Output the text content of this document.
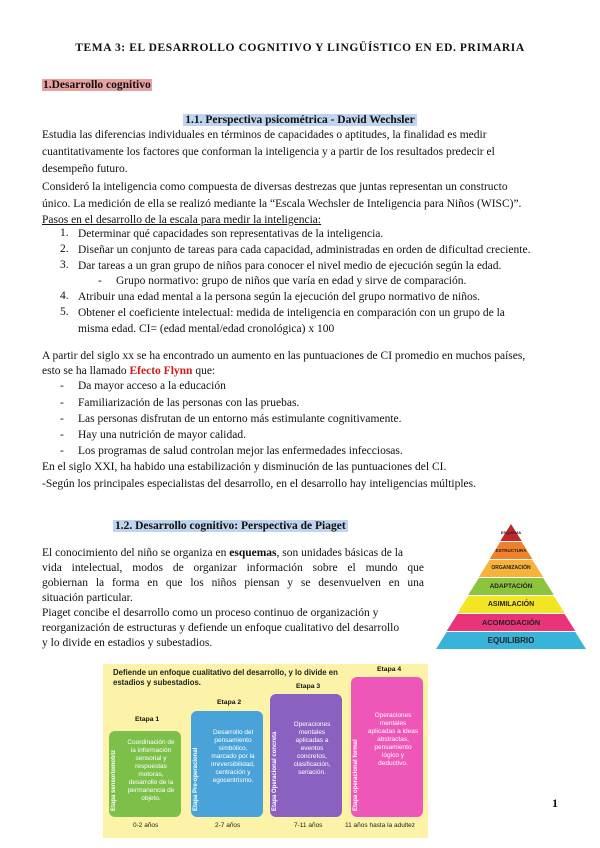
TEMA 3: EL DESARROLLO COGNITIVO Y LINGÜÍSTICO EN ED. PRIMARIA
1.Desarrollo cognitivo
1.1. Perspectiva psicométrica - David Wechsler
Estudia las diferencias individuales en términos de capacidades o aptitudes, la finalidad es medir
cuantitativamente los factores que conforman la inteligencia y a partir de los resultados predecir el
desempeño futuro.
Consideró la inteligencia como compuesta de diversas destrezas que juntas representan un constructo
único. La medición de ella se realizó mediante la “Escala Wechsler de Inteligencia para Niños (WISC)”.
Pasos en el desarrollo de la escala para medir la inteligencia:
1. Determinar qué capacidades son representativas de la inteligencia.
2. Diseñar un conjunto de tareas para cada capacidad, administradas en orden de dificultad creciente.
3. Dar tareas a un gran grupo de niños para conocer el nivel medio de ejecución según la edad.
- Grupo normativo: grupo de niños que varía en edad y sirve de comparación.
4. Atribuir una edad mental a la persona según la ejecución del grupo normativo de niños.
5. Obtener el coeficiente intelectual: medida de inteligencia en comparación con un grupo de la
misma edad. CI= (edad mental/edad cronológica) x 100
A partir del siglo xx se ha encontrado un aumento en las puntuaciones de CI promedio en muchos países,
esto se ha llamado Efecto Flynn que:
- Da mayor acceso a la educación
- Familiarización de las personas con las pruebas.
- Las personas disfrutan de un entorno más estimulante cognitivamente.
- Hay una nutrición de mayor calidad.
- Los programas de salud controlan mejor las enfermedades infecciosas.
En el siglo XXI, ha habido una estabilización y disminución de las puntuaciones del CI.
-Según los principales especialistas del desarrollo, en el desarrollo hay inteligencias múltiples.
1.2. Desarrollo cognitivo: Perspectiva de Piaget
El conocimiento del niño se organiza en esquemas, son unidades básicas de la
vida intelectual, modos de organizar información sobre el mundo que
gobiernan la forma en que los niños piensan y se desenvuelven en una
situación particular.
Piaget concibe el desarrollo como un proceso continuo de organización y
reorganización de estructuras y defiende un enfoque cualitativo del desarrollo
y lo divide en estadios y subestadios.
ESQUEMA
ESTRUCTURA
ORGANIZACIÓN
ADAPTACIÓN
ASIMILACIÓN
ACOMODACIÓN
EQUILIBRIO
Defiende un enfoque cualitativo del desarrollo, y lo divide en estadios y subestadios.
Etapa 1
Etapa sensoriomotriz
Coordinación de la información sensorial y respuestas motoras, desarrollo de la permanencia de objeto.
0-2 años
Etapa 2
Etapa Pre-operacional
Desarrollo del pensamiento simbólico, marcado por la irreversibilidad, centración y egocentrismo.
2-7 años
Etapa 3
Etapa Operacional concreta
Operaciones mentales aplicadas a eventos concretos, clasificación, seriación.
7-11 años
Etapa 4
Etapa operacional formal
Operaciones mentales aplicadas a ideas abstractas, pensamiento lógico y deductivo.
11 años hasta la adultez
1
